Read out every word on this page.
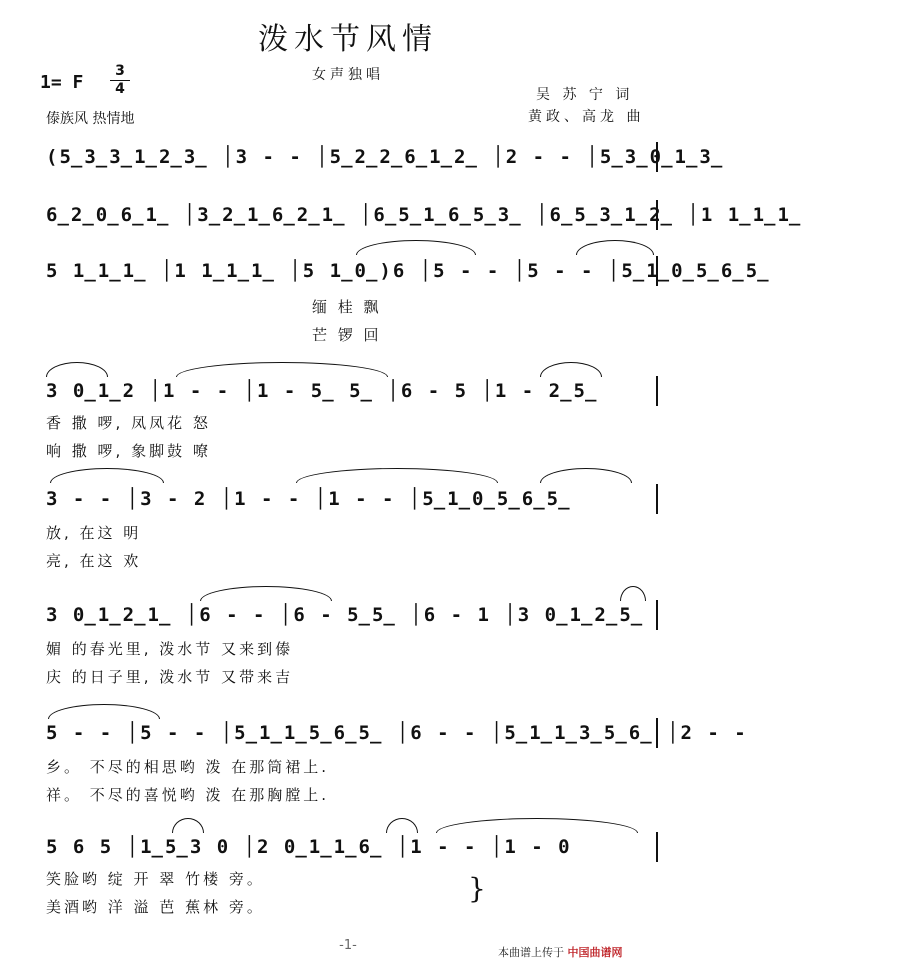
泼水节风情
女声独唱
1= F
3
4
傣族风 热情地
吴 苏 宁 词
黄政、高龙 曲
(5̲3̲3̲1̲2̲3̲ │3 - - │5̲2̲2̲6̲1̲2̲ │2 - - │5̲3̲0̲1̲3̲
6̲2̲0̲6̲1̲ │3̲2̲1̲6̲2̲1̲ │6̲5̲1̲6̲5̲3̲ │6̲5̲3̲1̲2̲ │1 1̲1̲1̲
5 1̲1̲1̲ │1 1̲1̲1̲ │5 1̲0̲)6 │5 - - │5 - - │5̲1̲0̲5̲6̲5̲
缅 桂 飘
芒 锣 回
3 0̲1̲2 │1 - - │1 - 5̲ 5̲ │6 - 5 │1 - 2̲5̲
香 撒 啰, 凤凤花 怒
响 撒 啰, 象脚鼓 嘹
3 - - │3 - 2 │1 - - │1 - - │5̲1̲0̲5̲6̲5̲
放, 在这 明
亮, 在这 欢
3 0̲1̲2̲1̲ │6 - - │6 - 5̲5̲ │6 - 1 │3 0̲1̲2̲5̲
媚 的春光里, 泼水节 又来到傣
庆 的日子里, 泼水节 又带来吉
5 - - │5 - - │5̲1̲1̲5̲6̲5̲ │6 - - │5̲1̲1̲3̲5̲6̲ │2 - -
乡。 不尽的相思哟 泼 在那筒裙上.
祥。 不尽的喜悦哟 泼 在那胸膛上.
5 6 5 │1̲5̲3 0 │2 0̲1̲1̲6̲ │1 - - │1 - 0
笑脸哟 绽 开 翠 竹楼 旁。
美酒哟 洋 溢 芭 蕉林 旁。
}
-1-	本曲谱上传于 中国曲谱网
